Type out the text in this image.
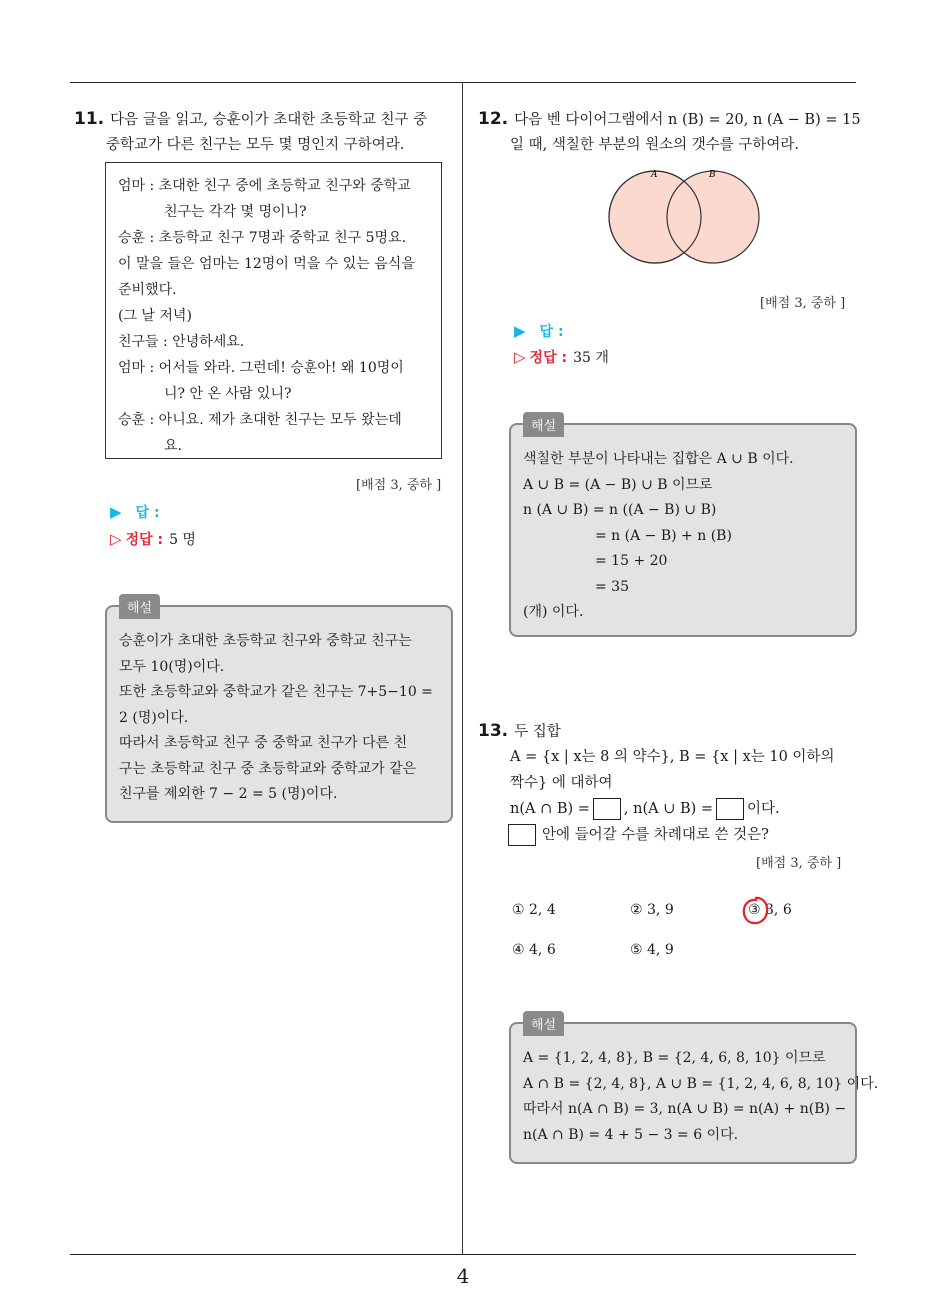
4
11. 다음 글을 읽고, 승훈이가 초대한 초등학교 친구 중
중학교가 다른 친구는 모두 몇 명인지 구하여라.
엄마 : 초대한 친구 중에 초등학교 친구와 중학교
친구는 각각 몇 명이니?
승훈 : 초등학교 친구 7명과 중학교 친구 5명요.
이 말을 들은 엄마는 12명이 먹을 수 있는 음식을
준비했다.
(그 날 저녁)
친구들 : 안녕하세요.
엄마 : 어서들 와라. 그런데! 승훈아! 왜 10명이
니? 안 온 사람 있니?
승훈 : 아니요. 제가 초대한 친구는 모두 왔는데
요.
[배점 3, 중하 ]
▶ 답 :
▷ 정답 : 5 명
해설
승훈이가 초대한 초등학교 친구와 중학교 친구는
모두 10(명)이다.
또한 초등학교와 중학교가 같은 친구는 7+5−10 =
2 (명)이다.
따라서 초등학교 친구 중 중학교 친구가 다른 친
구는 초등학교 친구 중 초등학교와 중학교가 같은
친구를 제외한 7 − 2 = 5 (명)이다.
12. 다음 벤 다이어그램에서 n (B) = 20, n (A − B) = 15
일 때, 색칠한 부분의 원소의 갯수를 구하여라.
A	B
[배점 3, 중하 ]
▶ 답 :
▷ 정답 : 35 개
해설
색칠한 부분이 나타내는 집합은 A ∪ B 이다.
A ∪ B = (A − B) ∪ B 이므로
n (A ∪ B) = n ((A − B) ∪ B)
= n (A − B) + n (B)
= 15 + 20
= 35
(개) 이다.
13. 두 집합
A = {x | x는 8 의 약수}, B = {x | x는 10 이하의
짝수} 에 대하여
n(A ∩ B) = , n(A ∪ B) = 이다.
안에 들어갈 수를 차례대로 쓴 것은?
[배점 3, 중하 ]
① 2, 4	② 3, 9	③ 3, 6
④ 4, 6	⑤ 4, 9
해설
A = {1, 2, 4, 8}, B = {2, 4, 6, 8, 10} 이므로
A ∩ B = {2, 4, 8}, A ∪ B = {1, 2, 4, 6, 8, 10} 이다.
따라서 n(A ∩ B) = 3, n(A ∪ B) = n(A) + n(B) −
n(A ∩ B) = 4 + 5 − 3 = 6 이다.
